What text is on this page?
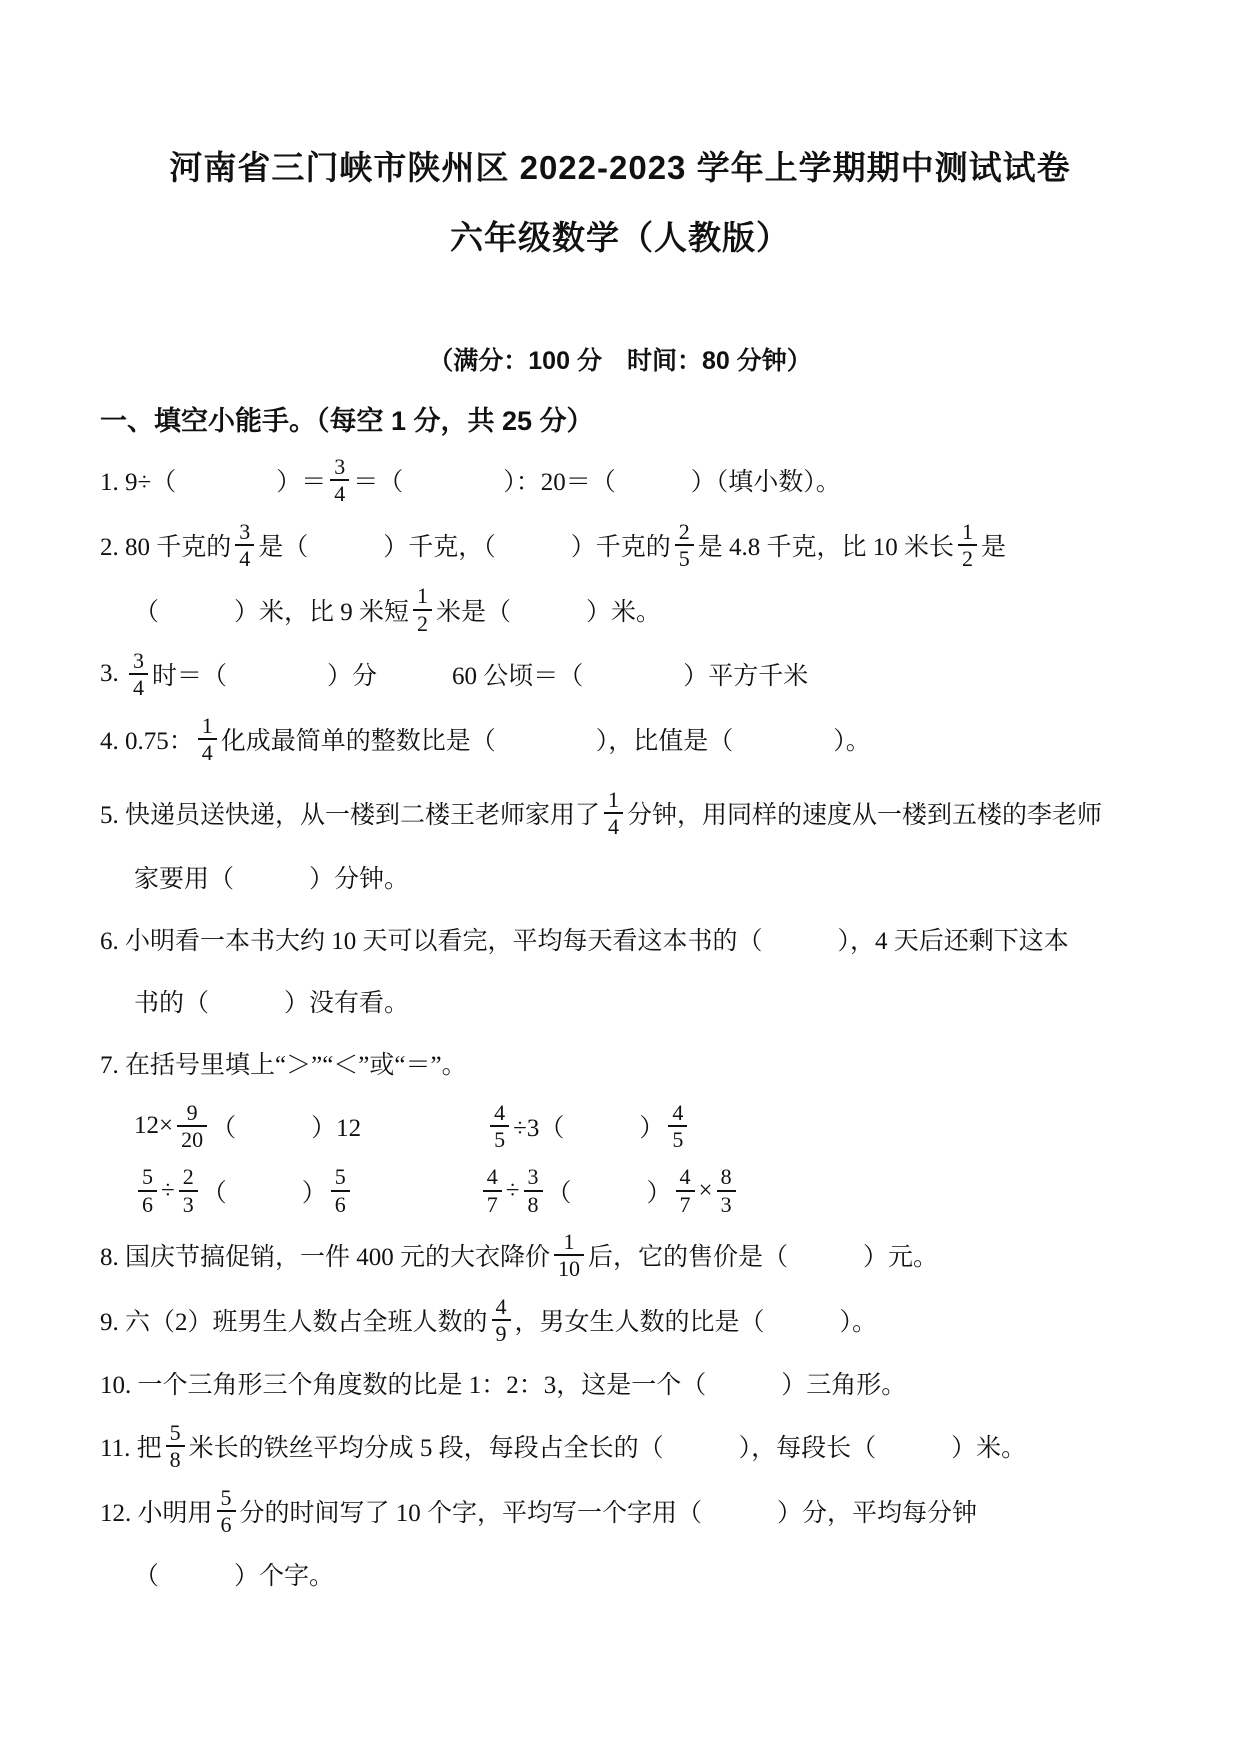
河南省三门峡市陕州区 2022-2023 学年上学期期中测试试卷
六年级数学（人教版）
（满分：100 分　时间：80 分钟）
一、填空小能手。（每空 1 分，共 25 分）
1. 9÷（　　　　）＝ $\frac{3}{4}$ ＝（　　　　）：20＝（　　　）（填小数）。
2. 80 千克的 $\frac{3}{4}$ 是（　　　）千克，（　　　）千克的 $\frac{2}{5}$ 是 4.8 千克，比 10 米长 $\frac{1}{2}$ 是
（　　　）米，比 9 米短 $\frac{1}{2}$ 米是（　　　）米。
3. $\frac{3}{4}$ 时＝（　　　　）分　　　60 公顷＝（　　　　）平方千米
4. 0.75： $\frac{1}{4}$ 化成最简单的整数比是（　　　　），比值是（　　　　）。
5. 快递员送快递，从一楼到二楼王老师家用了 $\frac{1}{4}$ 分钟，用同样的速度从一楼到五楼的李老师
家要用（　　　）分钟。
6. 小明看一本书大约 10 天可以看完，平均每天看这本书的（　　　），4 天后还剩下这本
书的（　　　）没有看。
7. 在括号里填上“＞”“＜”或“＝”。
$12\times \frac{9}{20}$ （　　　）12　　　　　 $\frac{4}{5} \div 3$（　　　） $\frac{4}{5}$
$\frac{5}{6} \div \frac{2}{3}$ （　　　） $\frac{5}{6}$
　　　　　	$\frac{4}{7} \div \frac{3}{8}$ （　　　） $\frac{4}{7} \times \frac{8}{3}$
8. 国庆节搞促销，一件 400 元的大衣降价 $\frac{1}{10}$ 后，它的售价是（　　　）元。
9. 六（2）班男生人数占全班人数的 $\frac{4}{9}$ ，男女生人数的比是（　　　）。
10. 一个三角形三个角度数的比是 1：2：3，这是一个（　　　）三角形。
11. 把 $\frac{5}{8}$ 米长的铁丝平均分成 5 段，每段占全长的（　　　），每段长（　　　）米。
12. 小明用 $\frac{5}{6}$ 分的时间写了 10 个字，平均写一个字用（　　　）分，平均每分钟
（　　　）个字。
